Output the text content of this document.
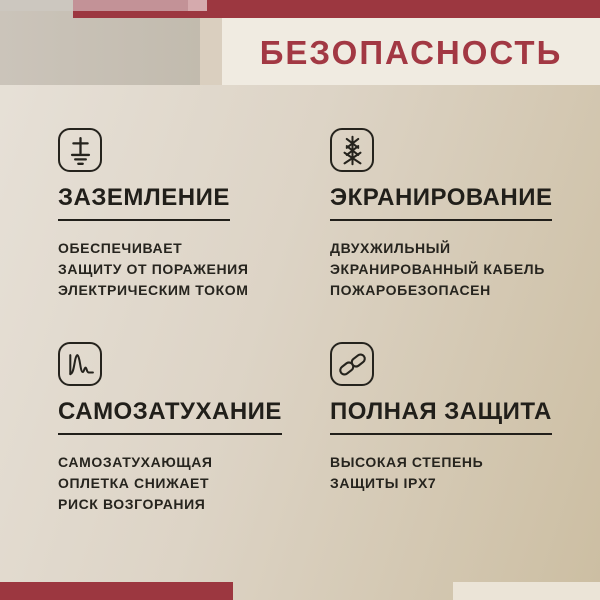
БЕЗОПАСНОСТЬ
ЗАЗЕМЛЕНИЕ

ОБЕСПЕЧИВАЕТ

ЗАЩИТУ ОТ ПОРАЖЕНИЯ

ЭЛЕКТРИЧЕСКИМ ТОКОМ

ЭКРАНИРОВАНИЕ

ДВУХЖИЛЬНЫЙ

ЭКРАНИРОВАННЫЙ КАБЕЛЬ

ПОЖАРОБЕЗОПАСЕН

САМОЗАТУХАНИЕ

САМОЗАТУХАЮЩАЯ

ОПЛЕТКА СНИЖАЕТ

РИСК ВОЗГОРАНИЯ

ПОЛНАЯ ЗАЩИТА

ВЫСОКАЯ СТЕПЕНЬ

ЗАЩИТЫ IPX7
